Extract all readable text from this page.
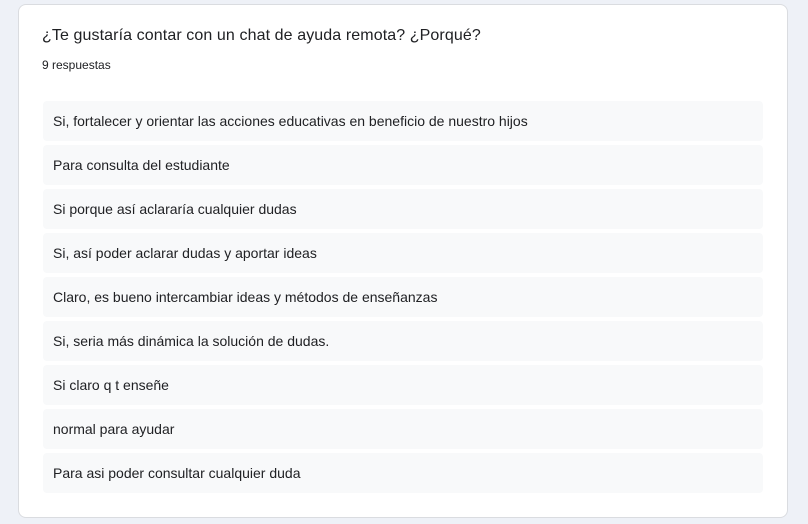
¿Te gustaría contar con un chat de ayuda remota? ¿Porqué?
9 respuestas
Si, fortalecer y orientar las acciones educativas en beneficio de nuestro hijos
Para consulta del estudiante
Si porque así aclararía cualquier dudas
Si, así poder aclarar dudas y aportar ideas
Claro, es bueno intercambiar ideas y métodos de enseñanzas
Si, seria más dinámica la solución de dudas.
Si claro q t enseñe
normal para ayudar
Para asi poder consultar cualquier duda
